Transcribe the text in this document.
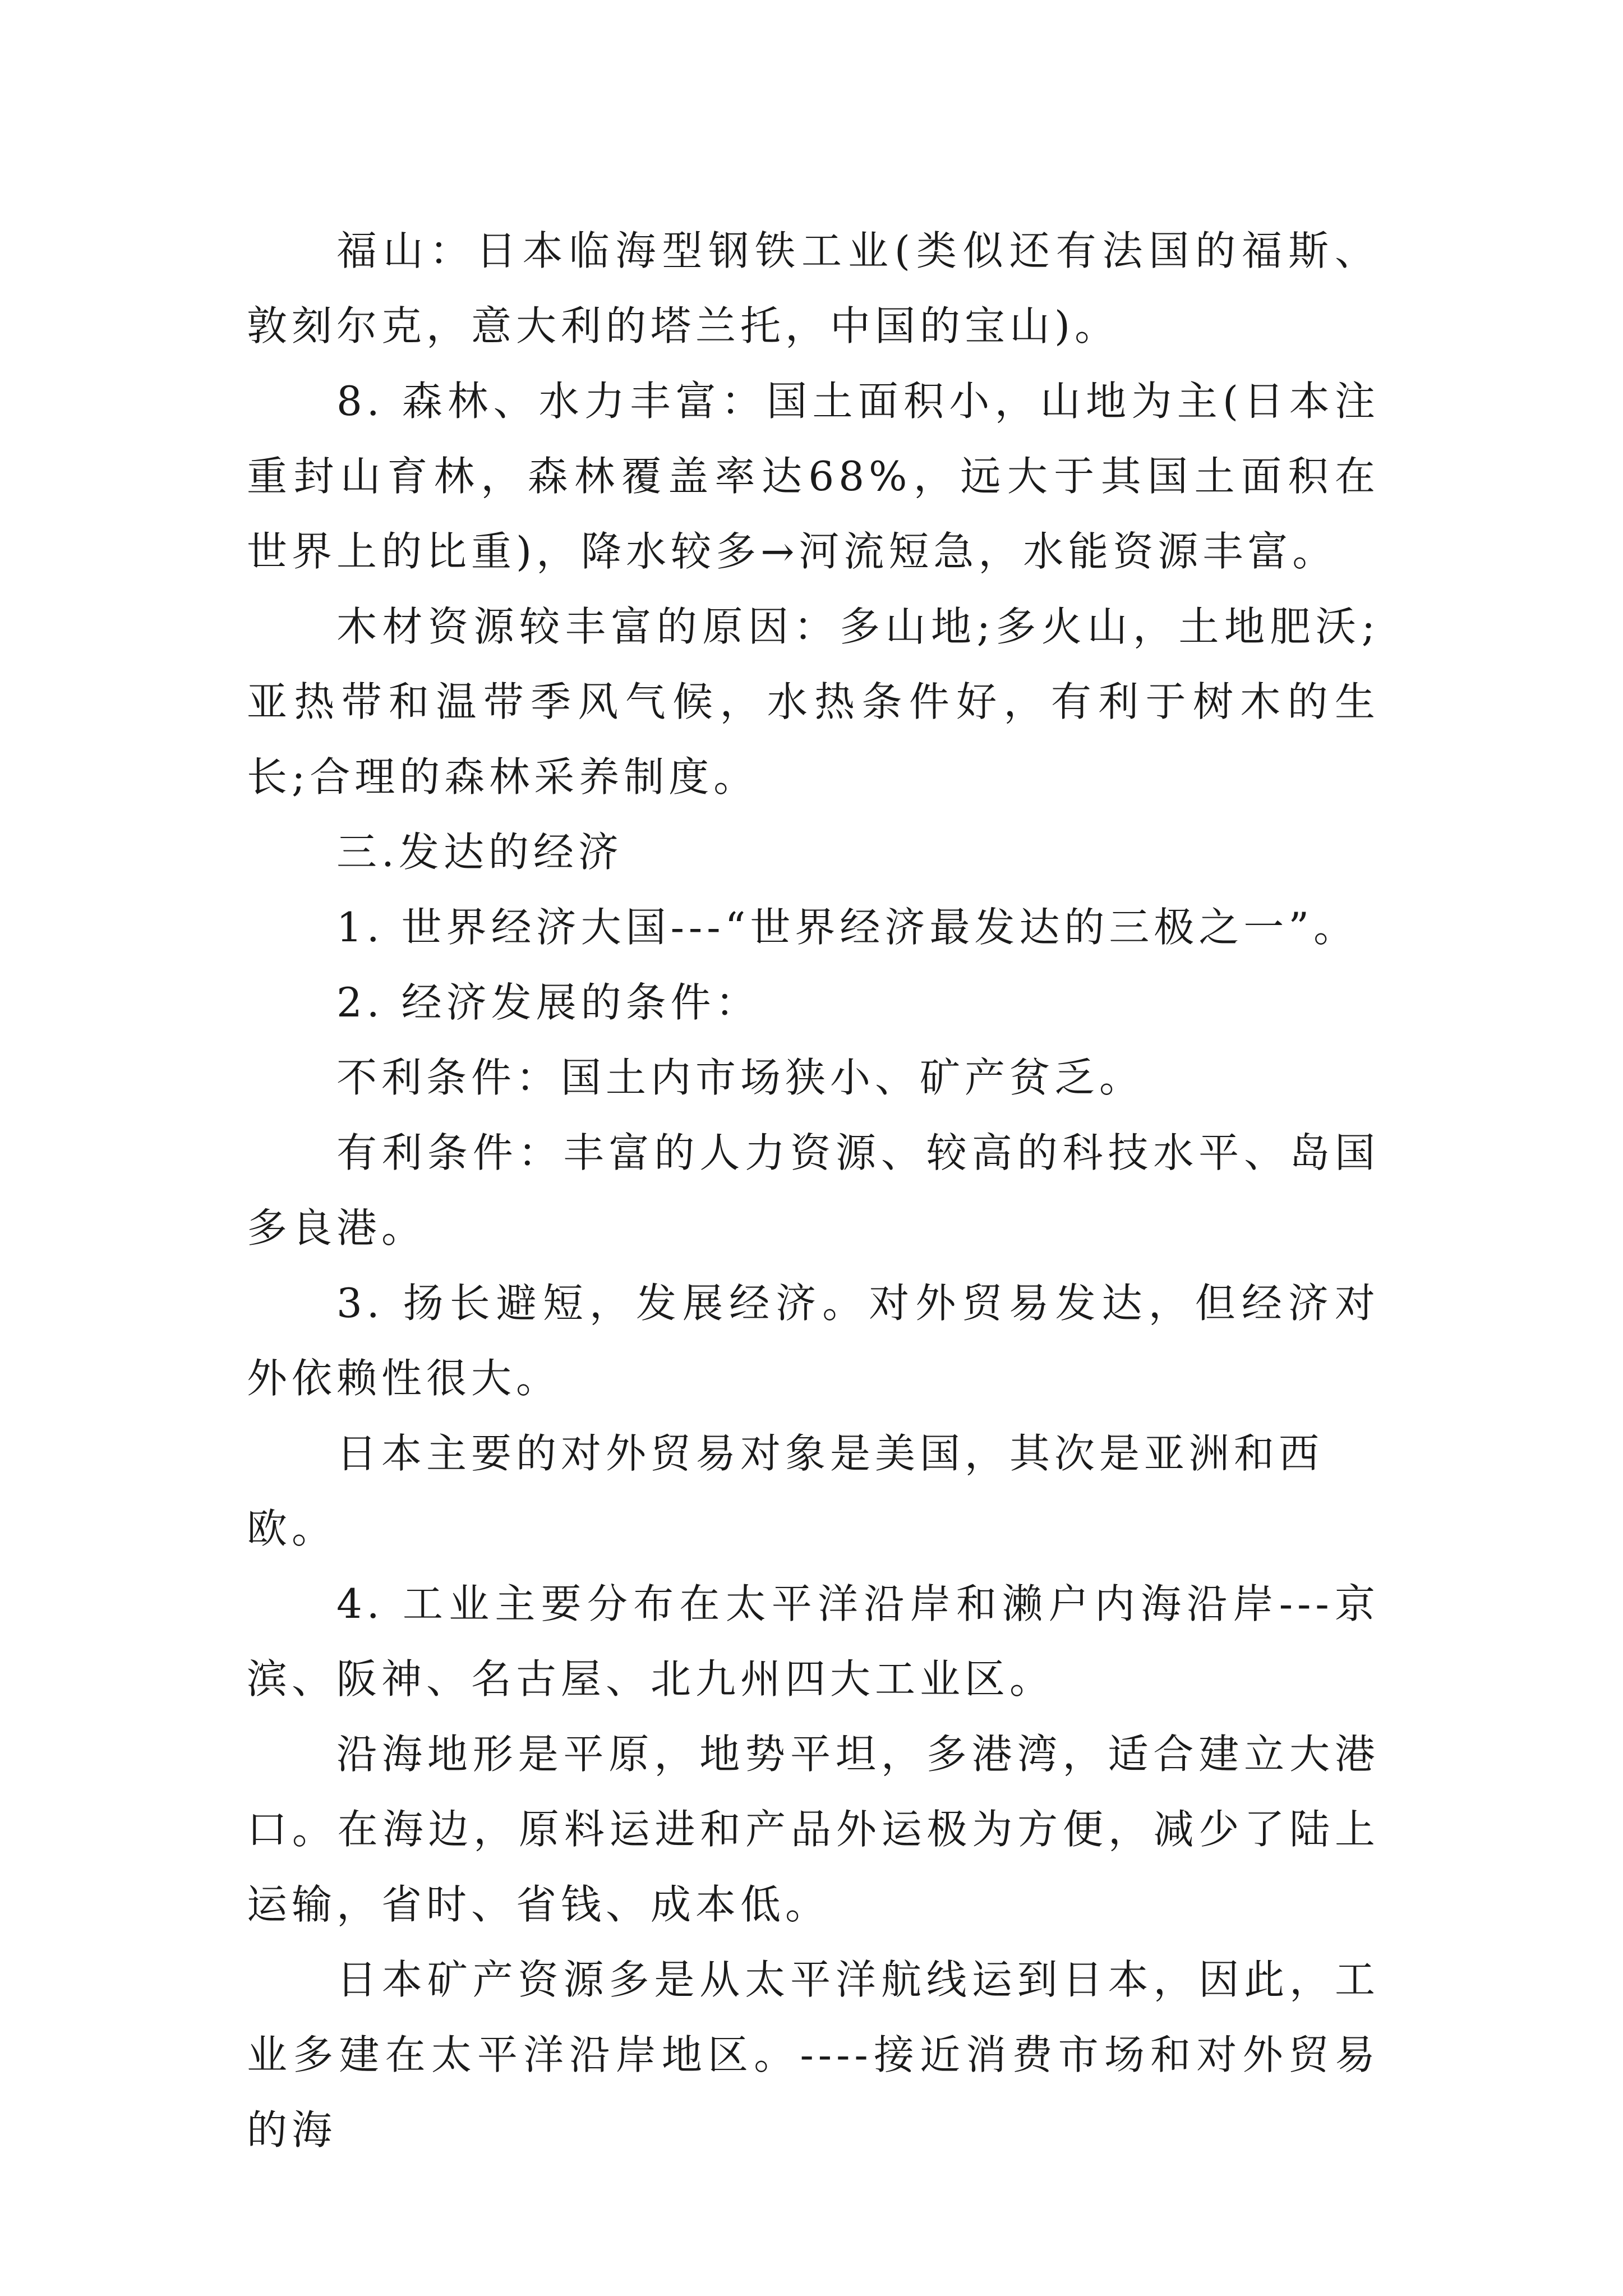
福山：日本临海型钢铁工业(类似还有法国的福斯、敦刻尔克，意大利的塔兰托，中国的宝山)。

8. 森林、水力丰富：国土面积小，山地为主(日本注重封山育林，森林覆盖率达68%，远大于其国土面积在世界上的比重)，降水较多→河流短急，水能资源丰富。

木材资源较丰富的原因：多山地;多火山，土地肥沃;亚热带和温带季风气候，水热条件好，有利于树木的生长;合理的森林采养制度。

三.发达的经济

1. 世界经济大国---“世界经济最发达的三极之一”。

2. 经济发展的条件：

不利条件：国土内市场狭小、矿产贫乏。

有利条件：丰富的人力资源、较高的科技水平、岛国多良港。

3. 扬长避短，发展经济。对外贸易发达，但经济对外依赖性很大。

日本主要的对外贸易对象是美国，其次是亚洲和西欧。

4. 工业主要分布在太平洋沿岸和濑户内海沿岸---京滨、阪神、名古屋、北九州四大工业区。

沿海地形是平原，地势平坦，多港湾，适合建立大港口。在海边，原料运进和产品外运极为方便，减少了陆上运输，省时、省钱、成本低。

日本矿产资源多是从太平洋航线运到日本，因此，工业多建在太平洋沿岸地区。----接近消费市场和对外贸易的海
